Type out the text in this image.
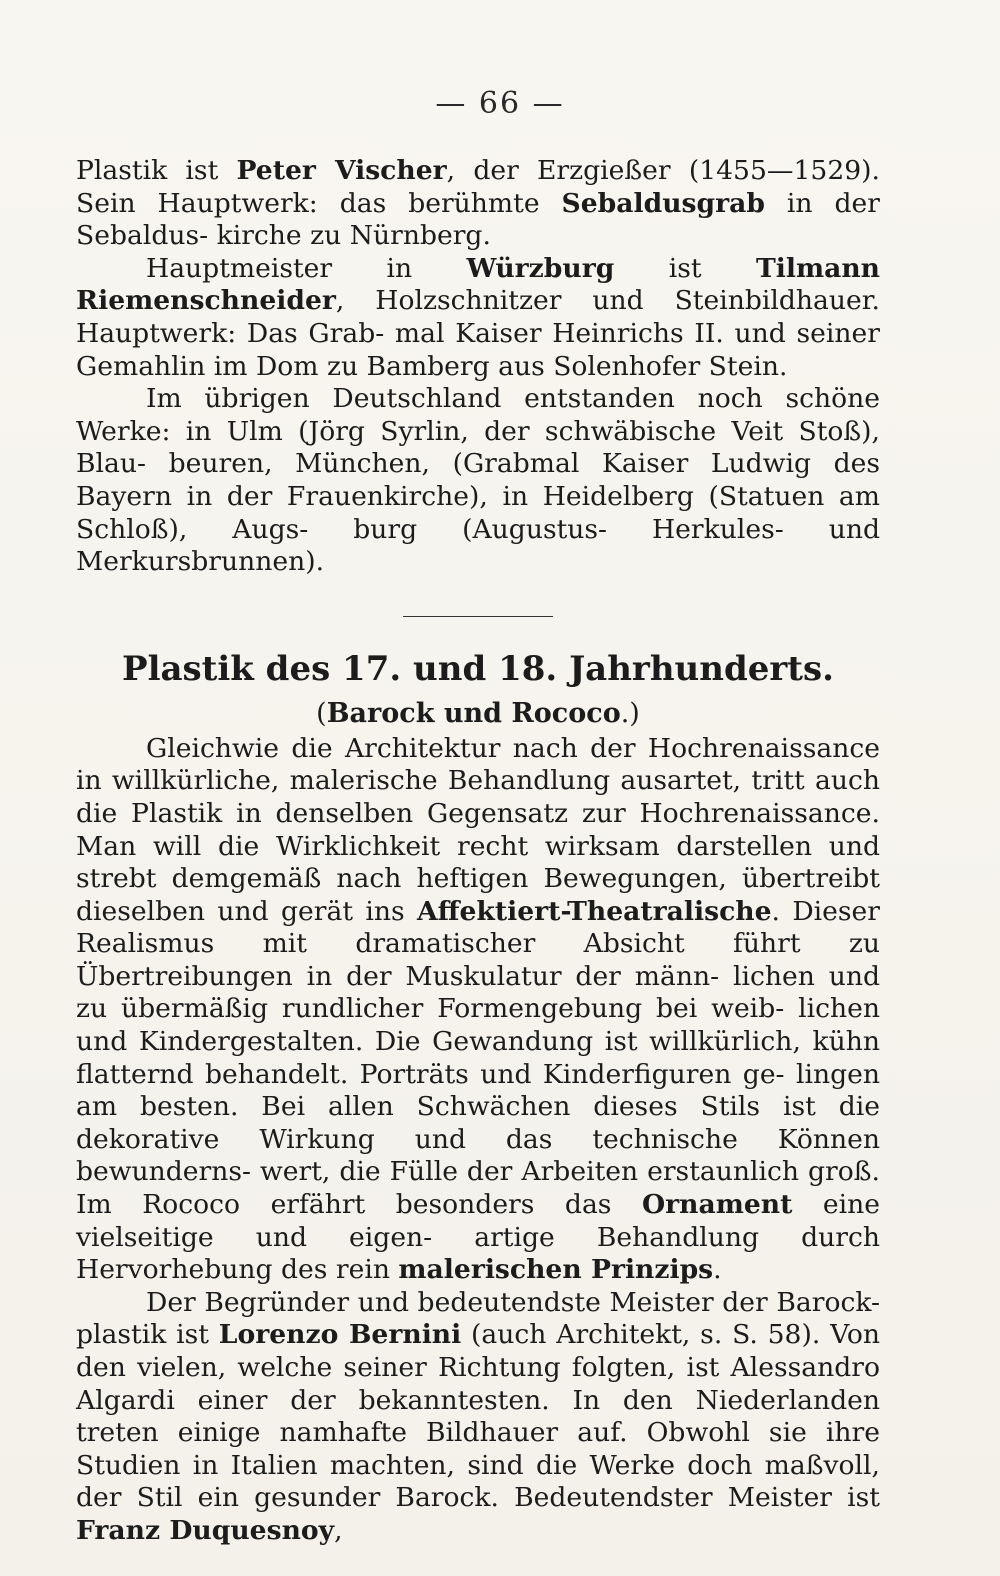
— 66 —

Plastik ist Peter Vischer, der Erzgießer (1455—1529). Sein Hauptwerk: das berühmte Sebaldusgrab in der Sebaldus- kirche zu Nürnberg.

Hauptmeister in Würzburg ist Tilmann Riemenschneider, Holzschnitzer und Steinbildhauer. Hauptwerk: Das Grab- mal Kaiser Heinrichs II. und seiner Gemahlin im Dom zu Bamberg aus Solenhofer Stein.

Im übrigen Deutschland entstanden noch schöne Werke: in Ulm (Jörg Syrlin, der schwäbische Veit Stoß), Blau- beuren, München, (Grabmal Kaiser Ludwig des Bayern in der Frauenkirche), in Heidelberg (Statuen am Schloß), Augs- burg (Augustus- Herkules- und Merkursbrunnen).

Plastik des 17. und 18. Jahrhunderts.

(Barock und Rococo.)

Gleichwie die Architektur nach der Hochrenaissance in willkürliche, malerische Behandlung ausartet, tritt auch die Plastik in denselben Gegensatz zur Hochrenaissance. Man will die Wirklichkeit recht wirksam darstellen und strebt demgemäß nach heftigen Bewegungen, übertreibt dieselben und gerät ins Affektiert-Theatralische. Dieser Realismus mit dramatischer Absicht führt zu Übertreibungen in der Muskulatur der männ- lichen und zu übermäßig rundlicher Formengebung bei weib- lichen und Kindergestalten. Die Gewandung ist willkürlich, kühn flatternd behandelt. Porträts und Kinderfiguren ge- lingen am besten. Bei allen Schwächen dieses Stils ist die dekorative Wirkung und das technische Können bewunderns- wert, die Fülle der Arbeiten erstaunlich groß. Im Rococo erfährt besonders das Ornament eine vielseitige und eigen- artige Behandlung durch Hervorhebung des rein malerischen Prinzips.

Der Begründer und bedeutendste Meister der Barock- plastik ist Lorenzo Bernini (auch Architekt, s. S. 58). Von den vielen, welche seiner Richtung folgten, ist Alessandro Algardi einer der bekanntesten. In den Niederlanden treten einige namhafte Bildhauer auf. Obwohl sie ihre Studien in Italien machten, sind die Werke doch maßvoll, der Stil ein gesunder Barock. Bedeutendster Meister ist Franz Duquesnoy,
